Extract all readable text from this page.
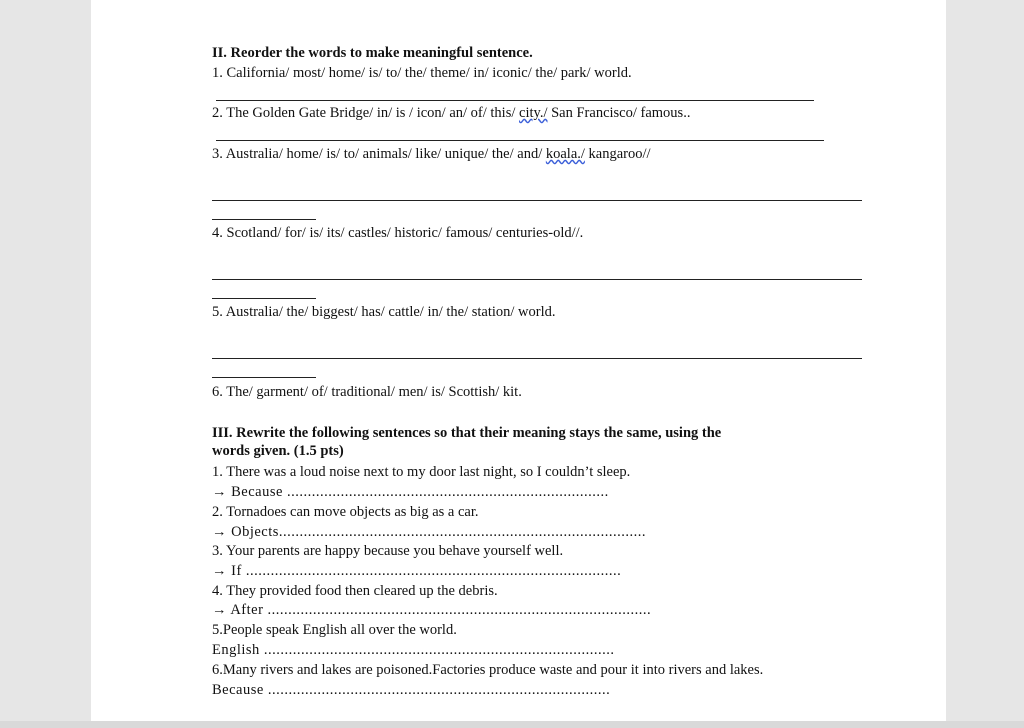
II. Reorder the words to make meaningful sentence.
1. California/ most/ home/ is/ to/ the/ theme/ in/ iconic/ the/ park/ world.
2. The Golden Gate Bridge/ in/ is / icon/ an/ of/ this/ city./ San Francisco/ famous..
3. Australia/ home/ is/ to/ animals/ like/ unique/ the/ and/ koala./ kangaroo//
4. Scotland/ for/ is/ its/ castles/ historic/ famous/ centuries-old//.
5. Australia/ the/ biggest/ has/ cattle/ in/ the/ station/ world.
6. The/ garment/ of/ traditional/ men/ is/ Scottish/ kit.
III. Rewrite the following sentences so that their meaning stays the same, using the
words given. (1.5 pts)
1. There was a loud noise next to my door last night, so I couldn’t sleep.
→ Because ..............................................................................
2. Tornadoes can move objects as big as a car.
→ Objects.........................................................................................
3. Your parents are happy because you behave yourself well.
→ If ...........................................................................................
4. They provided food then cleared up the debris.
→ After .............................................................................................
5.People speak English all over the world.
English .....................................................................................
6.Many rivers and lakes are poisoned.Factories produce waste and pour it into rivers and lakes.
Because ...................................................................................
